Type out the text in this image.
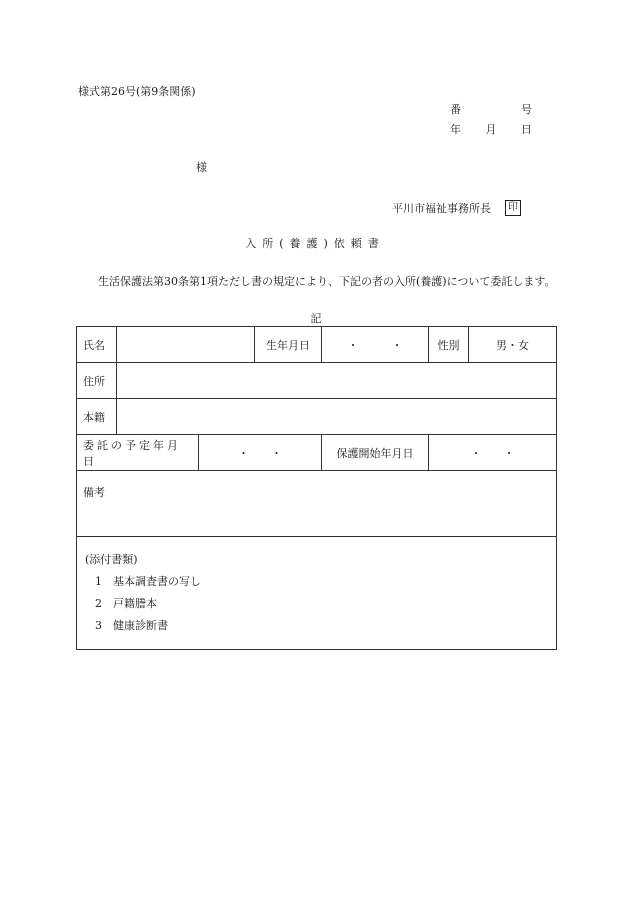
様式第26号(第9条関係)
番	号
年 月 日
様
平川市福祉事務所長	印
入所(養護)依頼書
生活保護法第30条第1項ただし書の規定により、下記の者の入所(養護)について委託します。
記
氏名			生年月日	・　　　・	性別	男・女
住所						
本籍						
委託の予定年月日		・　　・		保護開始年月日	・　　・	
備考						

(添付書類)
1 基本調査書の写し
2 戸籍謄本
3 健康診断書						
